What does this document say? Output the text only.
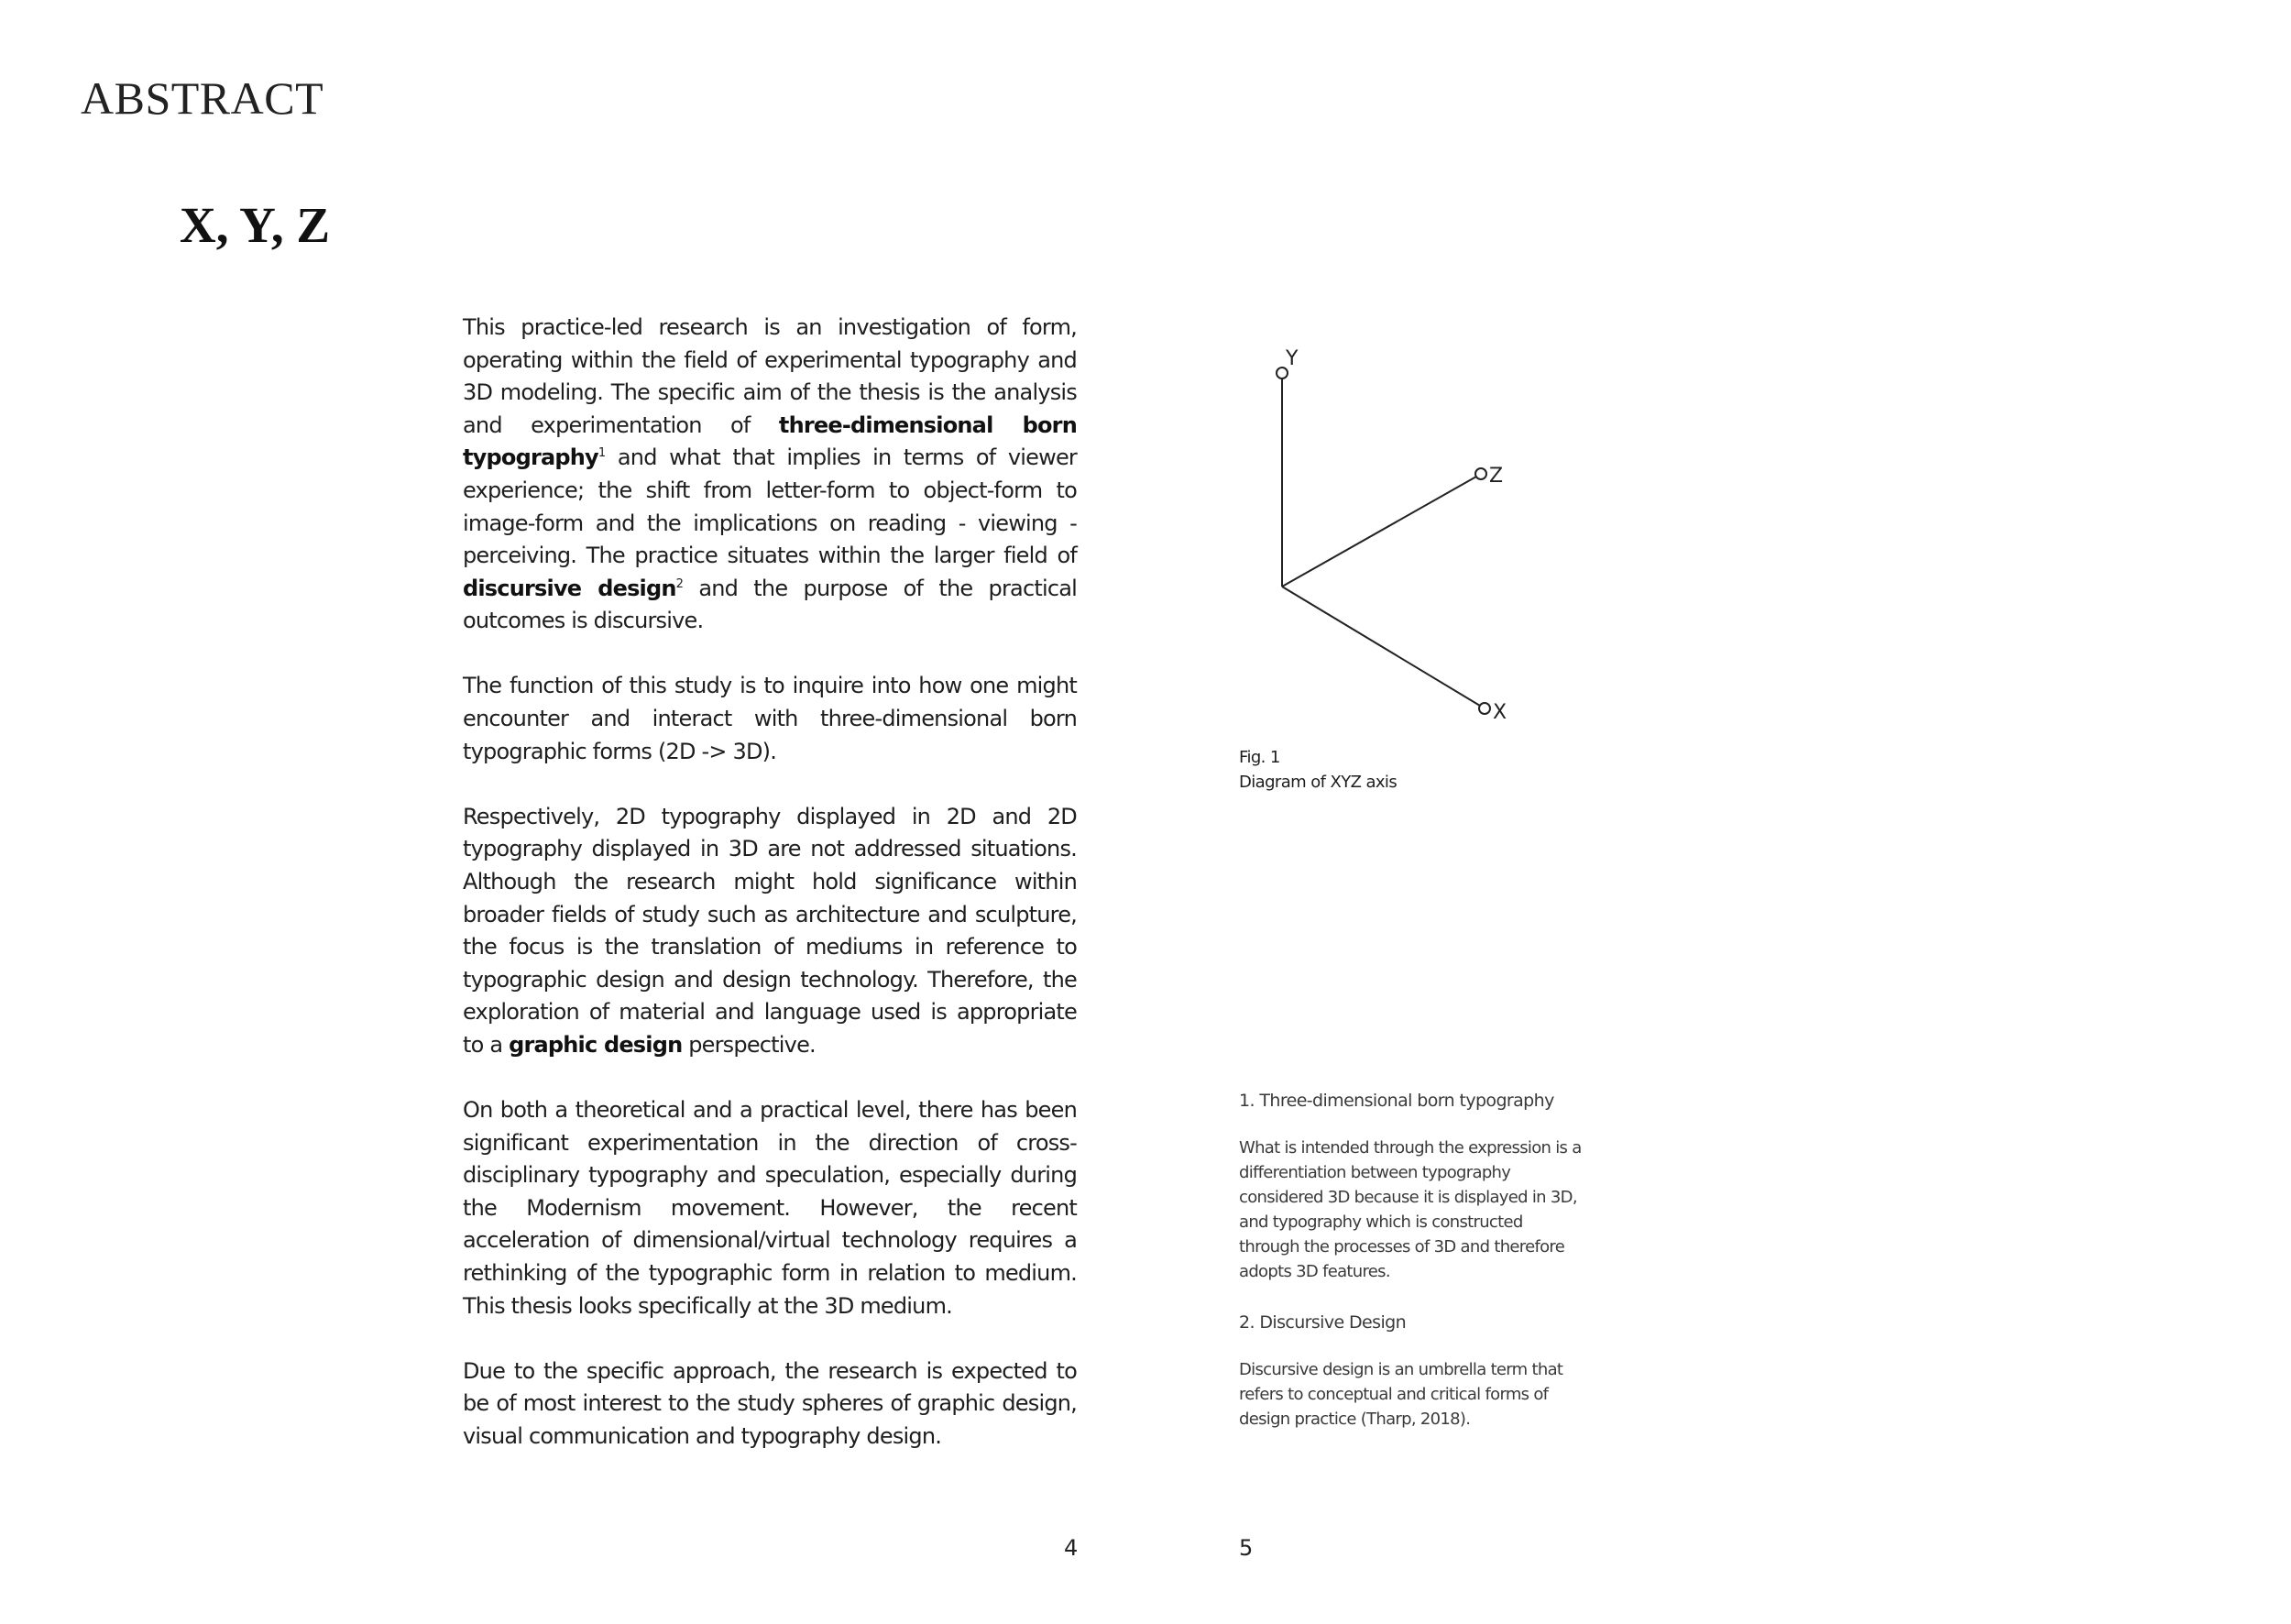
ABSTRACT
X, Y, Z

This practice-led research is an investigation of form, operating within the field of experimental typography and 3D modeling. The specific aim of the thesis is the analysis and experimentation of three-dimensional born typography$^1$ and what that implies in terms of viewer experience; the shift from letter-form to object-form to image-form and the implications on reading - viewing - perceiving. The practice situates within the larger field of discursive design$^2$ and the purpose of the practical outcomes is discursive.

The function of this study is to inquire into how one might encounter and interact with three-dimensional born typographic forms (2D -> 3D).

Respectively, 2D typography displayed in 2D and 2D typography displayed in 3D are not addressed situations. Although the research might hold significance within broader fields of study such as architecture and sculpture, the focus is the translation of mediums in reference to typographic design and design technology. Therefore, the exploration of material and language used is appropriate to a graphic design perspective.

On both a theoretical and a practical level, there has been significant experimentation in the direction of cross-disciplinary typography and speculation, especially during the Modernism movement. However, the recent acceleration of dimensional/virtual technology requires a rethinking of the typographic form in relation to medium. This thesis looks specifically at the 3D medium.

Due to the specific approach, the research is expected to be of most interest to the study spheres of graphic design, visual communication and typography design.

Y
Z
X
Fig. 1
Diagram of XYZ axis
1. Three-dimensional born typography
What is intended through the expression is a differentiation between typography considered 3D because it is displayed in 3D, and typography which is constructed through the processes of 3D and therefore adopts 3D features.
2. Discursive Design
Discursive design is an umbrella term that refers to conceptual and critical forms of design practice (Tharp, 2018).
4	5
